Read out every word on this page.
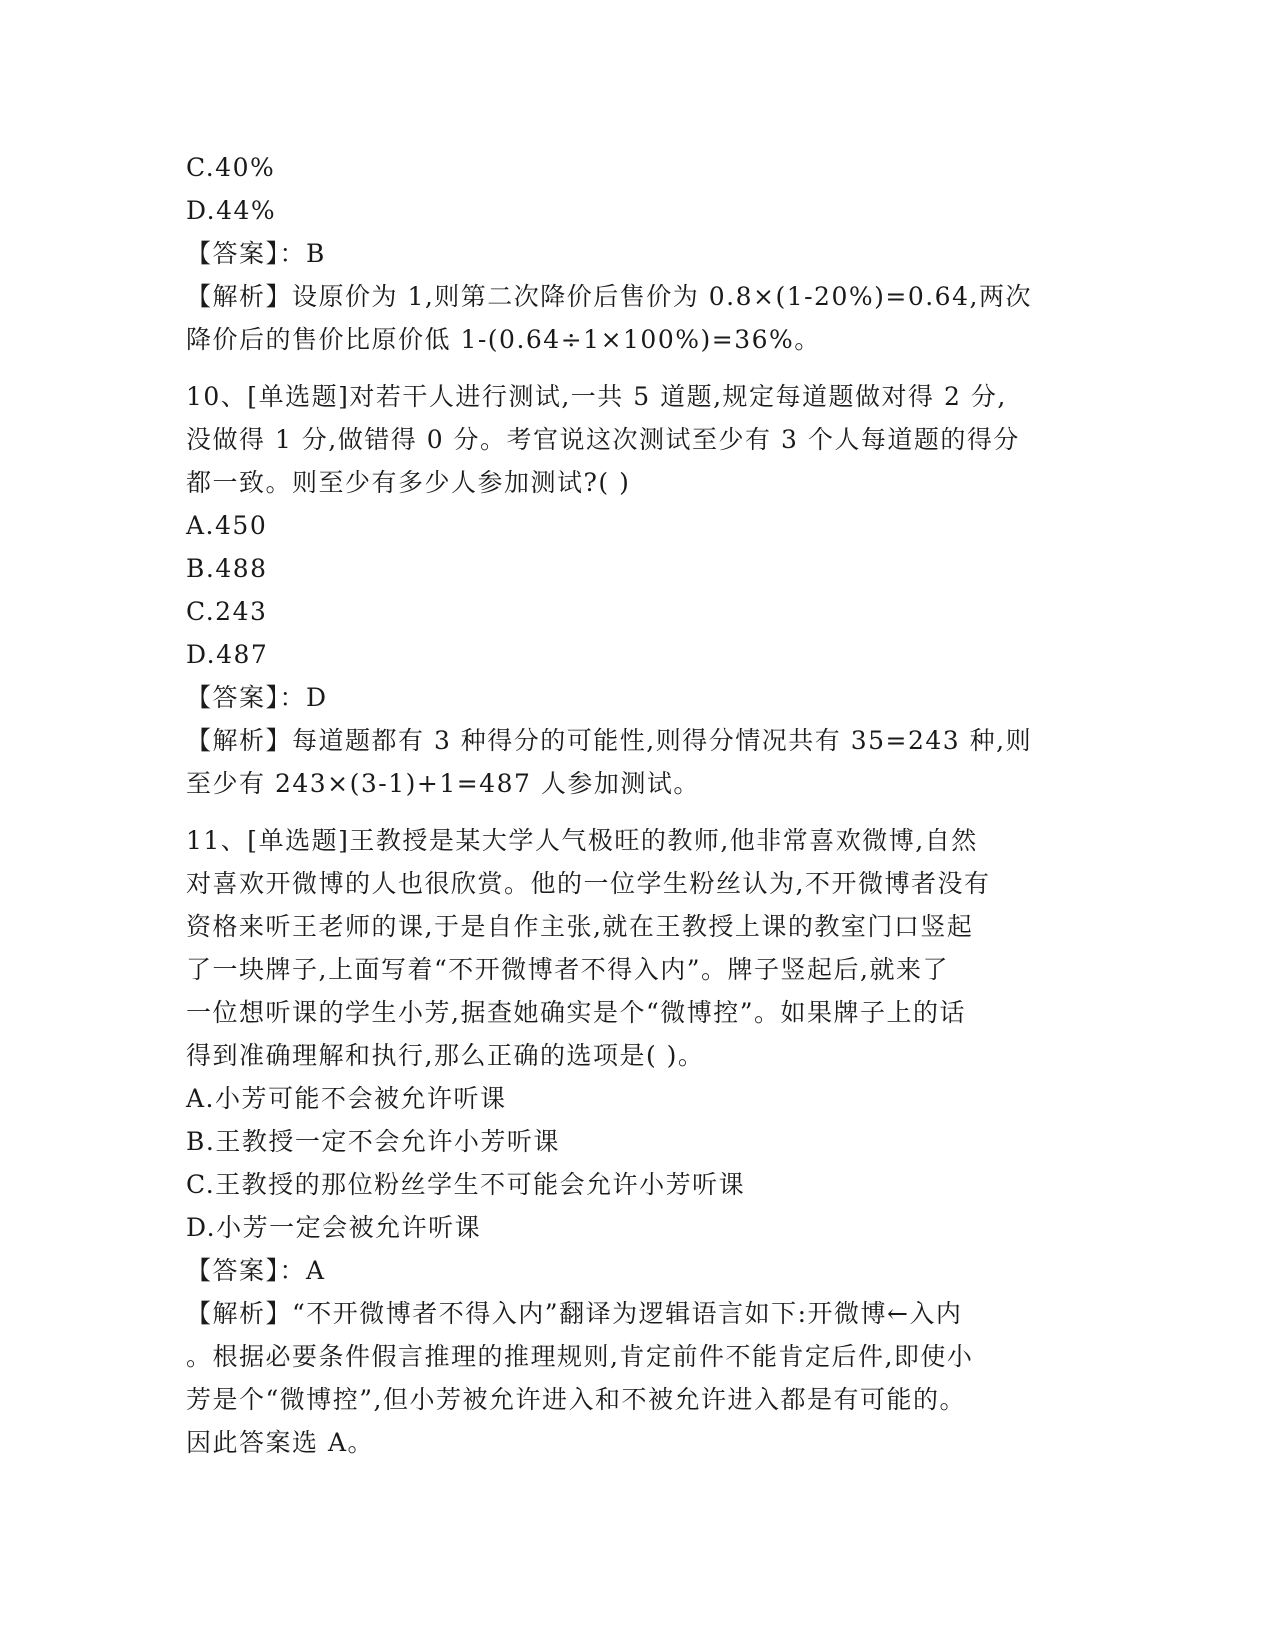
C.40%
D.44%
【答案】：B
【解析】设原价为 1,则第二次降价后售价为 0.8×(1-20%)=0.64,两次
降价后的售价比原价低 1-(0.64÷1×100%)=36%。
10、[单选题]对若干人进行测试,一共 5 道题,规定每道题做对得 2 分,
没做得 1 分,做错得 0 分。考官说这次测试至少有 3 个人每道题的得分
都一致。则至少有多少人参加测试?( )
A.450
B.488
C.243
D.487
【答案】：D
【解析】每道题都有 3 种得分的可能性,则得分情况共有 35=243 种,则
至少有 243×(3-1)+1=487 人参加测试。
11、[单选题]王教授是某大学人气极旺的教师,他非常喜欢微博,自然
对喜欢开微博的人也很欣赏。他的一位学生粉丝认为,不开微博者没有
资格来听王老师的课,于是自作主张,就在王教授上课的教室门口竖起
了一块牌子,上面写着“不开微博者不得入内”。牌子竖起后,就来了
一位想听课的学生小芳,据查她确实是个“微博控”。如果牌子上的话
得到准确理解和执行,那么正确的选项是( )。
A.小芳可能不会被允许听课
B.王教授一定不会允许小芳听课
C.王教授的那位粉丝学生不可能会允许小芳听课
D.小芳一定会被允许听课
【答案】：A
【解析】“不开微博者不得入内”翻译为逻辑语言如下:开微博←入内
。根据必要条件假言推理的推理规则,肯定前件不能肯定后件,即使小
芳是个“微博控”,但小芳被允许进入和不被允许进入都是有可能的。
因此答案选 A。
